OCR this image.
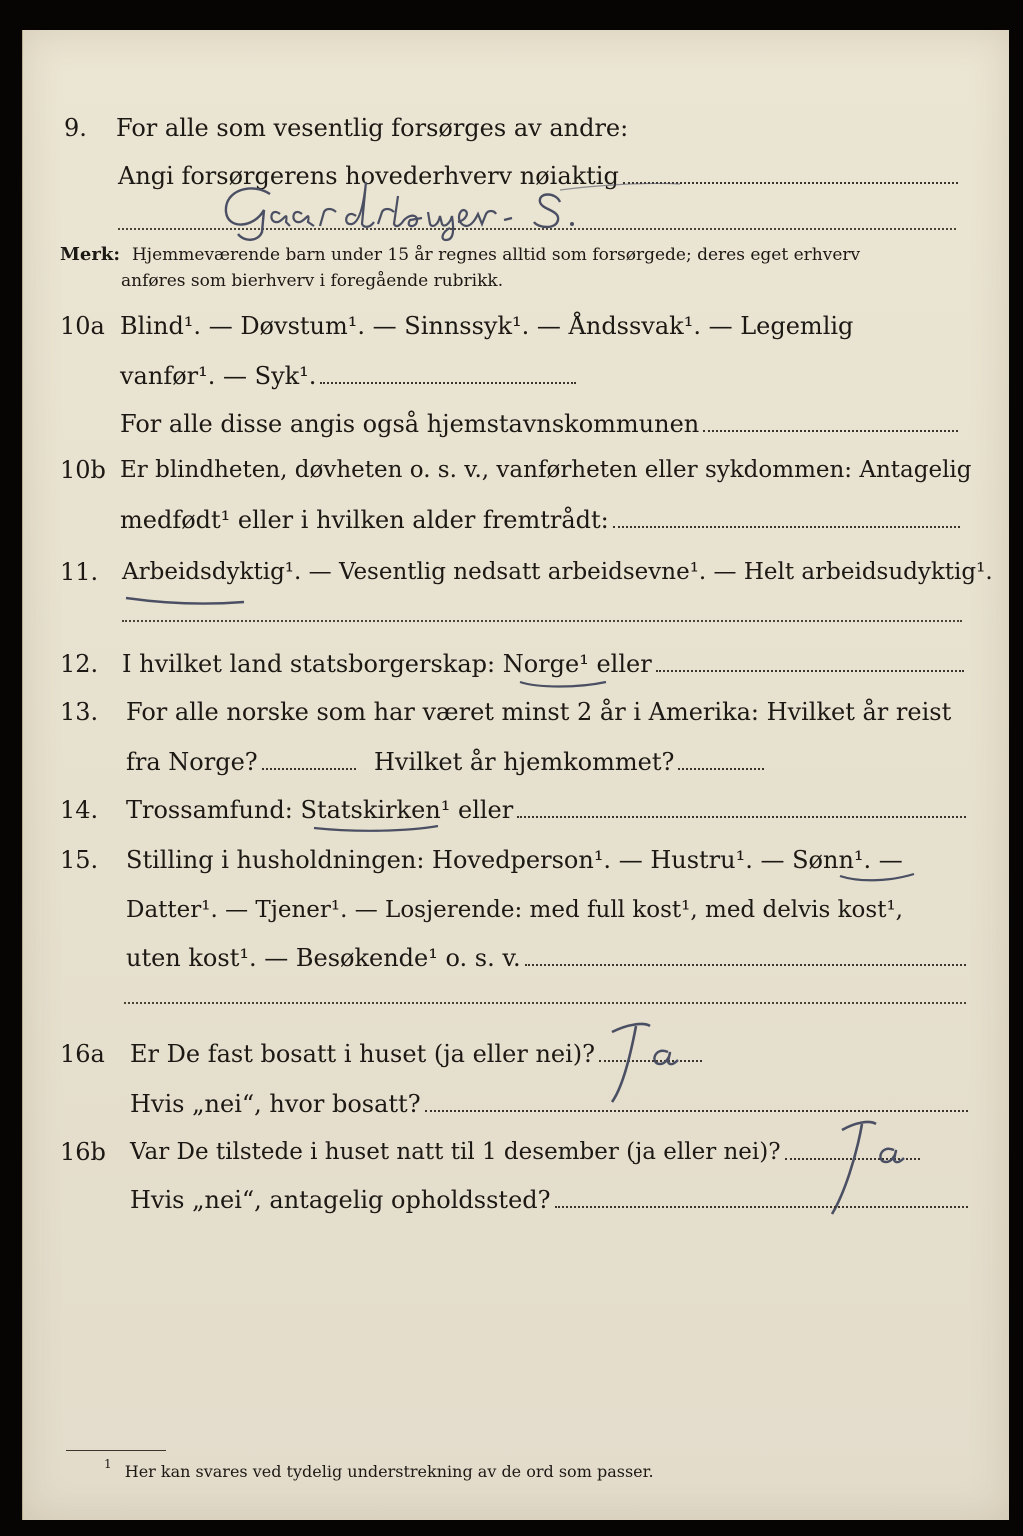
9. For alle som vesentlig forsørges av andre:
Angi forsørgerens hovederhverv nøiaktig
Merk: Hjemmeværende barn under 15 år regnes alltid som forsørgede; deres eget erhverv
anføres som bierhverv i foregående rubrikk.
10a Blind¹. — Døvstum¹. — Sinnssyk¹. — Åndssvak¹. — Legemlig
vanfør¹. — Syk¹.
For alle disse angis også hjemstavnskommunen
10b Er blindheten, døvheten o. s. v., vanførheten eller sykdommen: Antagelig
medfødt¹ eller i hvilken alder fremtrådt:
11. Arbeidsdyktig¹. — Vesentlig nedsatt arbeidsevne¹. — Helt arbeidsudyktig¹.
12. I hvilket land statsborgerskap: Norge¹ eller
13. For alle norske som har været minst 2 år i Amerika: Hvilket år reist
fra Norge?	Hvilket år hjemkommet?
14. Trossamfund: Statskirken¹ eller
15. Stilling i husholdningen: Hovedperson¹. — Hustru¹. — Sønn¹. —
Datter¹. — Tjener¹. — Losjerende: med full kost¹, med delvis kost¹,
uten kost¹. — Besøkende¹ o. s. v.
16a Er De fast bosatt i huset (ja eller nei)?
Hvis „nei“, hvor bosatt?
16b Var De tilstede i huset natt til 1 desember (ja eller nei)?
Hvis „nei“, antagelig opholdssted?
$^1$ Her kan svares ved tydelig understrekning av de ord som passer.
